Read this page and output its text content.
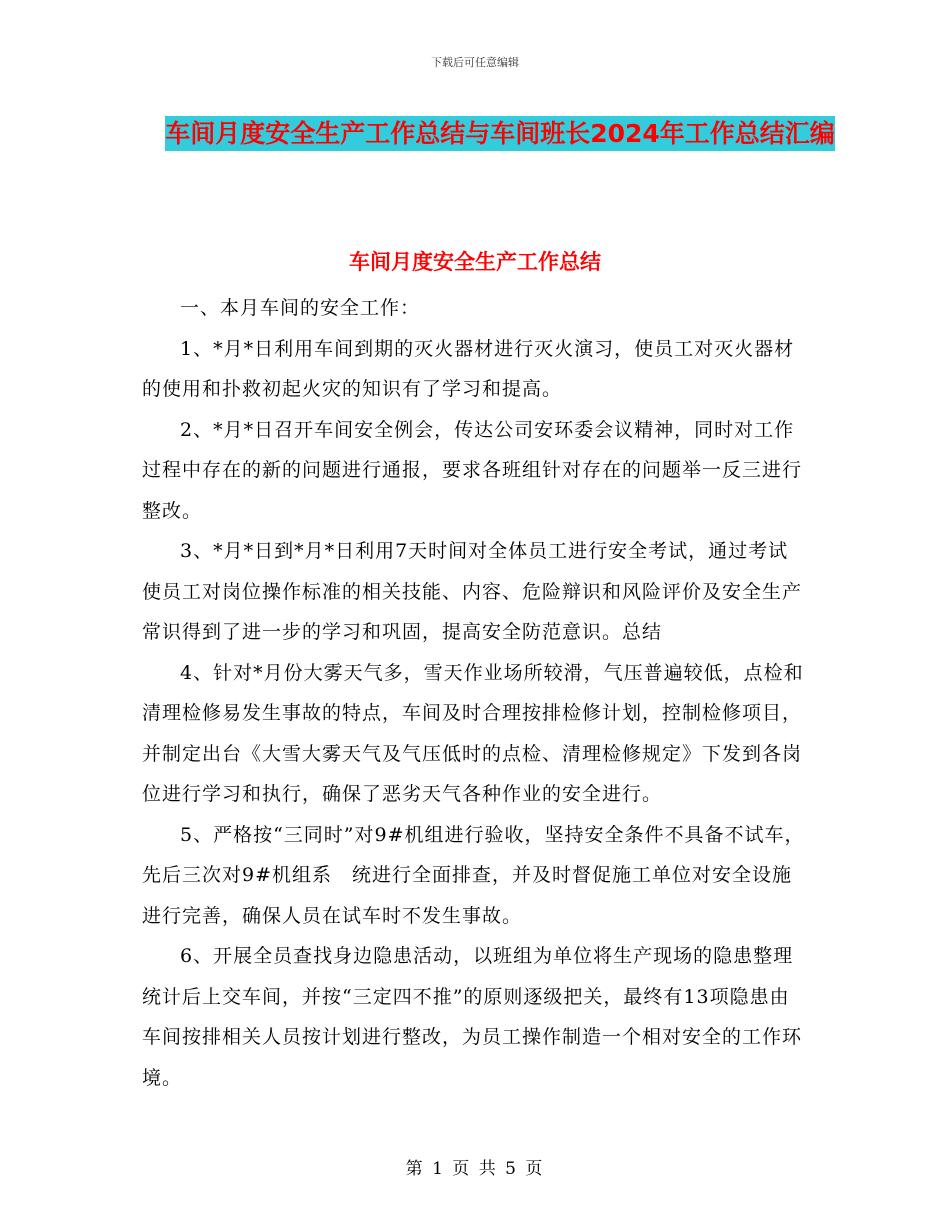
下载后可任意编辑
车间月度安全生产工作总结与车间班长2024年工作总结汇编
车间月度安全生产工作总结

一、本月车间的安全工作：

1、*月*日利用车间到期的灭火器材进行灭火演习，使员工对灭火器材的使用和扑救初起火灾的知识有了学习和提高。

2、*月*日召开车间安全例会，传达公司安环委会议精神，同时对工作过程中存在的新的问题进行通报，要求各班组针对存在的问题举一反三进行整改。

3、*月*日到*月*日利用7天时间对全体员工进行安全考试，通过考试使员工对岗位操作标准的相关技能、内容、危险辩识和风险评价及安全生产常识得到了进一步的学习和巩固，提高安全防范意识。总结

4、针对*月份大雾天气多，雪天作业场所较滑，气压普遍较低，点检和清理检修易发生事故的特点，车间及时合理按排检修计划，控制检修项目，并制定出台《大雪大雾天气及气压低时的点检、清理检修规定》下发到各岗位进行学习和执行，确保了恶劣天气各种作业的安全进行。

5、严格按“三同时”对9#机组进行验收，坚持安全条件不具备不试车，先后三次对9#机组系　统进行全面排查，并及时督促施工单位对安全设施进行完善，确保人员在试车时不发生事故。

6、开展全员查找身边隐患活动，以班组为单位将生产现场的隐患整理统计后上交车间，并按“三定四不推”的原则逐级把关，最终有13项隐患由车间按排相关人员按计划进行整改，为员工操作制造一个相对安全的工作环境。

第 1 页 共 5 页
